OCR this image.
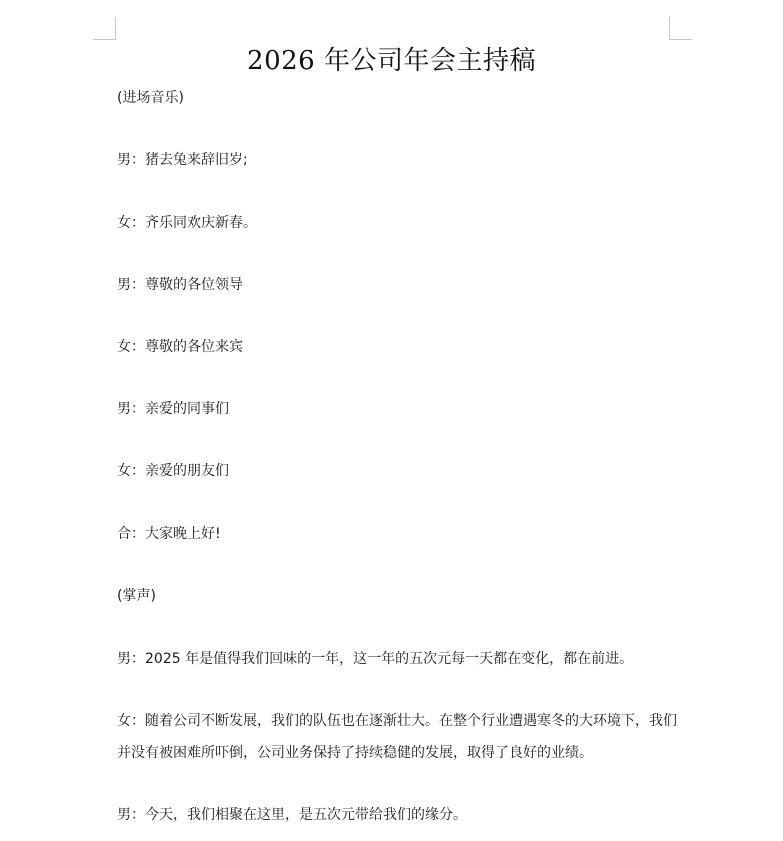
2026 年公司年会主持稿
(进场音乐)
男：猪去兔来辞旧岁;
女：齐乐同欢庆新春。
男：尊敬的各位领导
女：尊敬的各位来宾
男：亲爱的同事们
女：亲爱的朋友们
合：大家晚上好!
(掌声)
男：2025 年是值得我们回味的一年，这一年的五次元每一天都在变化，都在前进。
女：随着公司不断发展，我们的队伍也在逐渐壮大。在整个行业遭遇寒冬的大环境下，我们并没有被困难所吓倒，公司业务保持了持续稳健的发展，取得了良好的业绩。
男：今天，我们相聚在这里，是五次元带给我们的缘分。
